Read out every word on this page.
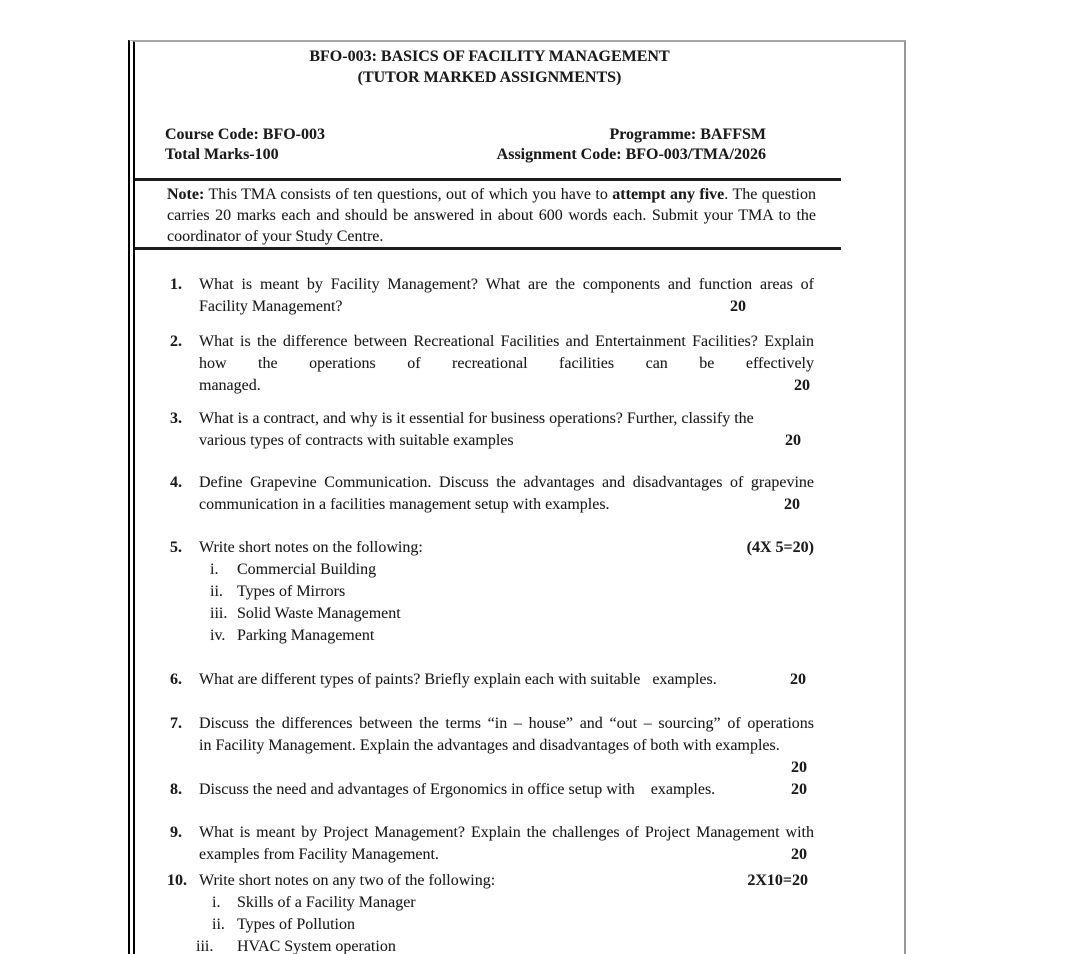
BFO-003: BASICS OF FACILITY MANAGEMENT
(TUTOR MARKED ASSIGNMENTS)
Course Code: BFO-003
Total Marks-100
Programme: BAFFSM
Assignment Code: BFO-003/TMA/2026
Note: This TMA consists of ten questions, out of which you have to attempt any five. The question carries 20 marks each and should be answered in about 600 words each. Submit your TMA to the coordinator of your Study Centre.
1.	What is meant by Facility Management? What are the components and function areas of
Facility Management?	20
2.	What is the difference between Recreational Facilities and Entertainment Facilities? Explain
how the operations of recreational facilities can be effectively
managed.	20
3.	What is a contract, and why is it essential for business operations? Further, classify the
various types of contracts with suitable examples	20
4.	Define Grapevine Communication. Discuss the advantages and disadvantages of grapevine
communication in a facilities management setup with examples.	20
5.	Write short notes on the following:	(4X 5=20)
i.	Commercial Building
ii. Types of Mirrors
iii. Solid Waste Management
iv. Parking Management
6.	What are different types of paints? Briefly explain each with suitable   examples.	20
7.	Discuss the differences between the terms “in – house” and “out – sourcing” of operations
in Facility Management. Explain the advantages and disadvantages of both with examples.
20
8.	Discuss the need and advantages of Ergonomics in office setup with    examples.	20
9.	What is meant by Project Management? Explain the challenges of Project Management with
examples from Facility Management.	20
10. Write short notes on any two of the following:	2X10=20
i.	Skills of a Facility Manager
ii. Types of Pollution
iii.	HVAC System operation
